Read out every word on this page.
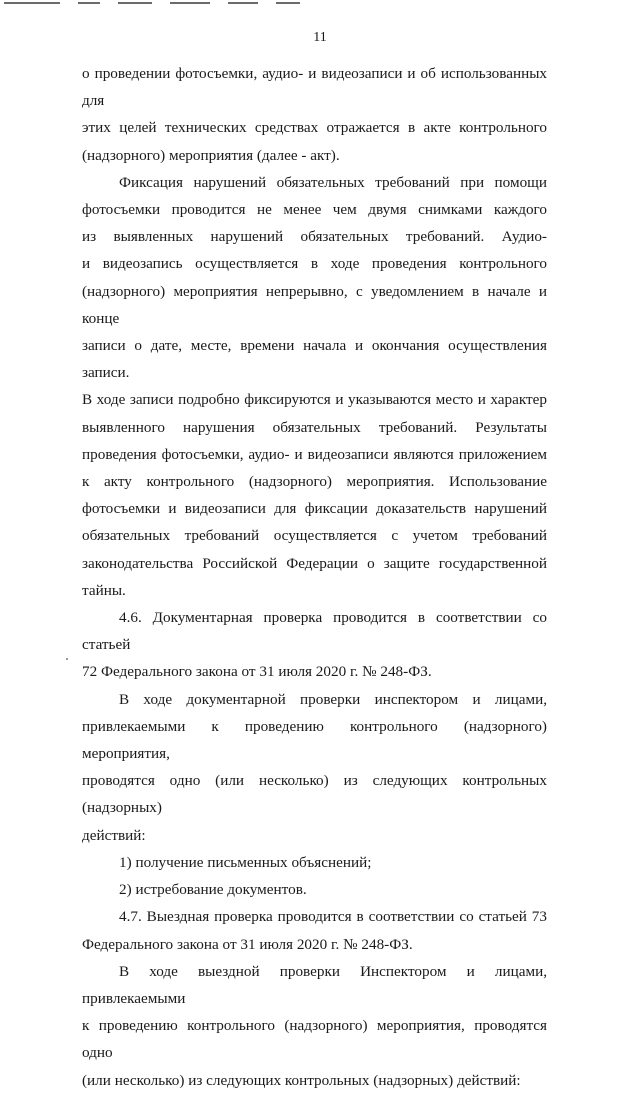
11

о проведении фотосъемки, аудио- и видеозаписи и об использованных для

этих целей технических средствах отражается в акте контрольного

(надзорного) мероприятия (далее - акт).

Фиксация нарушений обязательных требований при помощи

фотосъемки проводится не менее чем двумя снимками каждого

из выявленных нарушений обязательных требований. Аудио-

и видеозапись осуществляется в ходе проведения контрольного

(надзорного) мероприятия непрерывно, с уведомлением в начале и конце

записи о дате, месте, времени начала и окончания осуществления записи.

В ходе записи подробно фиксируются и указываются место и характер

выявленного нарушения обязательных требований. Результаты

проведения фотосъемки, аудио- и видеозаписи являются приложением

к акту контрольного (надзорного) мероприятия. Использование

фотосъемки и видеозаписи для фиксации доказательств нарушений

обязательных требований осуществляется с учетом требований

законодательства Российской Федерации о защите государственной

тайны.

4.6. Документарная проверка проводится в соответствии со статьей

72 Федерального закона от 31 июля 2020 г. № 248-ФЗ.

В ходе документарной проверки инспектором и лицами,

привлекаемыми к проведению контрольного (надзорного) мероприятия,

проводятся одно (или несколько) из следующих контрольных (надзорных)

действий:

1) получение письменных объяснений;

2) истребование документов.

4.7. Выездная проверка проводится в соответствии со статьей 73

Федерального закона от 31 июля 2020 г. № 248-ФЗ.

В ходе выездной проверки Инспектором и лицами, привлекаемыми

к проведению контрольного (надзорного) мероприятия, проводятся одно

(или несколько) из следующих контрольных (надзорных) действий:
